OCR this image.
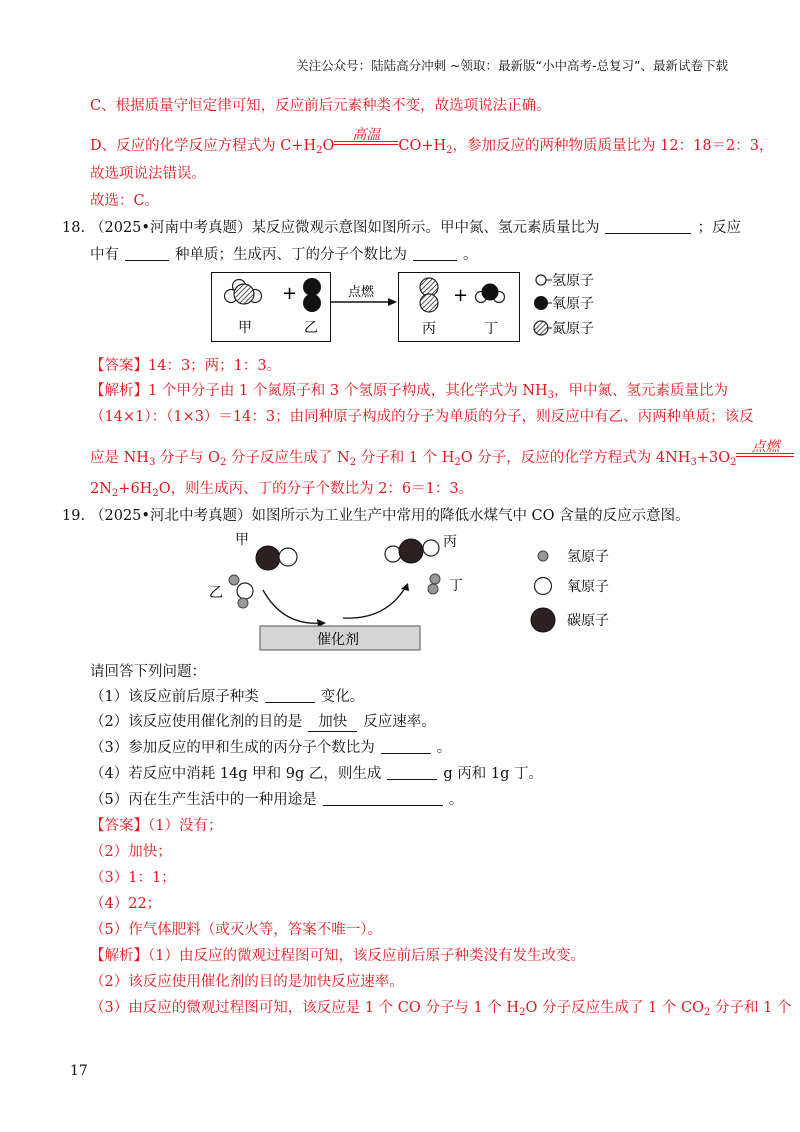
关注公众号：陆陆高分冲刺 ~领取：最新版“小中高考-总复习”、最新试卷下载
C、根据质量守恒定律可知，反应前后元素种类不变，故选项说法正确。
D、反应的化学反应方程式为 $C+H_2O$
高温
$CO+H_2$，参加反应的两种物质质量比为 12：18＝2：3，
故选项说法错误。
故选：C。
18. （2025•河南中考真题）某反应微观示意图如图所示。甲中氮、氢元素质量比为	；反应
中有	种单质；生成丙、丁的分子个数比为	。
+
甲	乙
点燃	+
丙	丁
氢原子
氧原子
氮原子
【答案】14：3；两；1：3。
【解析】1 个甲分子由 1 个氮原子和 3 个氢原子构成，其化学式为 $NH_3$，甲中氮、氢元素质量比为
（14×1）：（1×3）＝14：3；由同种原子构成的分子为单质的分子，则反应中有乙、丙两种单质；该反
应是 $NH_3$ 分子与 $O_2$ 分子反应生成了 $N_2$ 分子和 1 个 $H_2O$ 分子，反应的化学方程式为 $4NH_3+3O_2$
点燃
$2N_2+6H_2O$，则生成丙、丁的分子个数比为 2：6＝1：3。
19. （2025•河北中考真题）如图所示为工业生产中常用的降低水煤气中 CO 含量的反应示意图。
甲
乙
催化剂
丙
丁
氢原子
氧原子
碳原子
请回答下列问题：
（1）该反应前后原子种类	变化。
（2）该反应使用催化剂的目的是 加快 反应速率。
（3）参加反应的甲和生成的丙分子个数比为	。
（4）若反应中消耗 14g 甲和 9g 乙，则生成	g 丙和 1g 丁。
（5）丙在生产生活中的一种用途是	。
【答案】（1）没有；
（2）加快；
（3）1：1；
（4）22；
（5）作气体肥料（或灭火等，答案不唯一）。
【解析】（1）由反应的微观过程图可知，该反应前后原子种类没有发生改变。
（2）该反应使用催化剂的目的是加快反应速率。
（3）由反应的微观过程图可知，该反应是 1 个 CO 分子与 1 个 $H_2O$ 分子反应生成了 1 个 $CO_2$ 分子和 1 个
17
